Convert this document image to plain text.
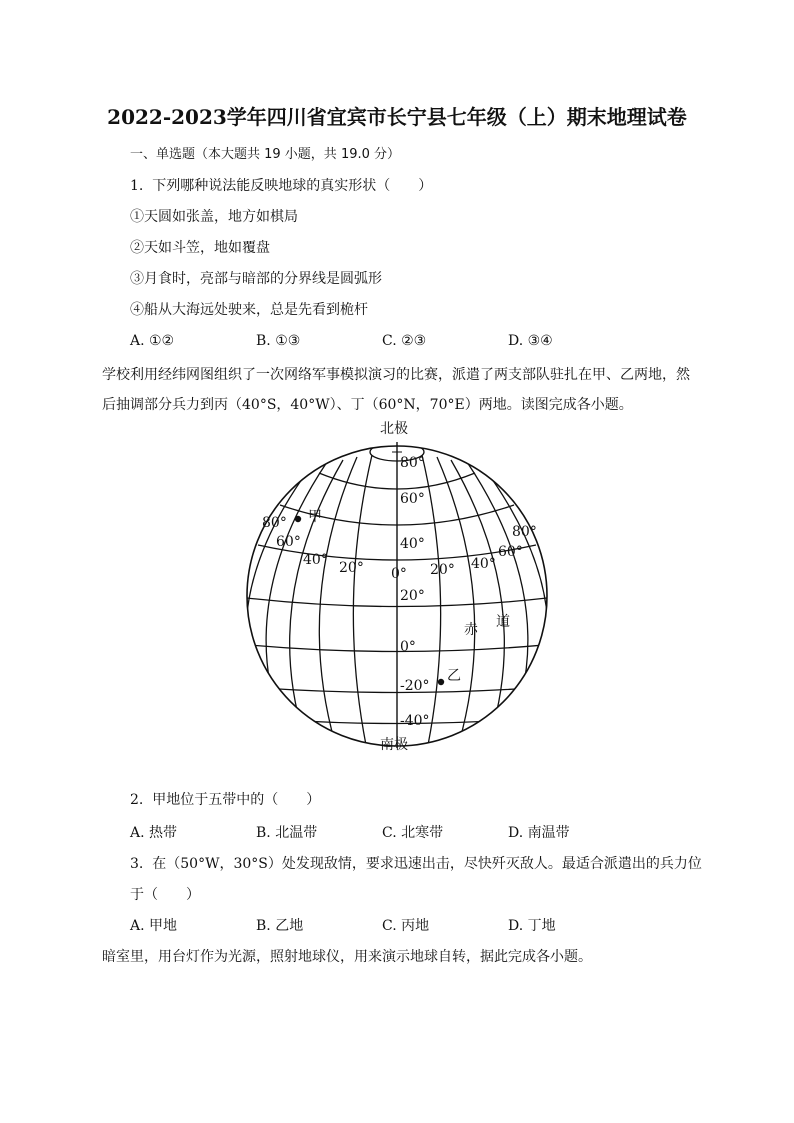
2022-2023学年四川省宜宾市长宁县七年级（上）期末地理试卷
一、单选题（本大题共 19 小题，共 19.0 分）
1.  下列哪种说法能反映地球的真实形状（　　）
①天圆如张盖，地方如棋局
②天如斗笠，地如覆盘
③月食时，亮部与暗部的分界线是圆弧形
④船从大海远处驶来，总是先看到桅杆
A. ①②	B. ①③	C. ②③	D. ③④
学校利用经纬网图组织了一次网络军事模拟演习的比赛，派遣了两支部队驻扎在甲、乙两地，然
后抽调部分兵力到丙（40°S，40°W）、丁（60°N，70°E）两地。读图完成各小题。
北极
南极
80°
60°
40°
20°
0°
-20°
-40°
80°
60°
40° 20° 0° 20° 40°
60°
80°
赤 道
甲
乙
2.  甲地位于五带中的（　　）
A. 热带	B. 北温带	C. 北寒带	D. 南温带
3.  在（50°W，30°S）处发现敌情，要求迅速出击，尽快歼灭敌人。最适合派遣出的兵力位
于（　　）
A. 甲地	B. 乙地	C. 丙地	D. 丁地
暗室里，用台灯作为光源，照射地球仪，用来演示地球自转，据此完成各小题。
